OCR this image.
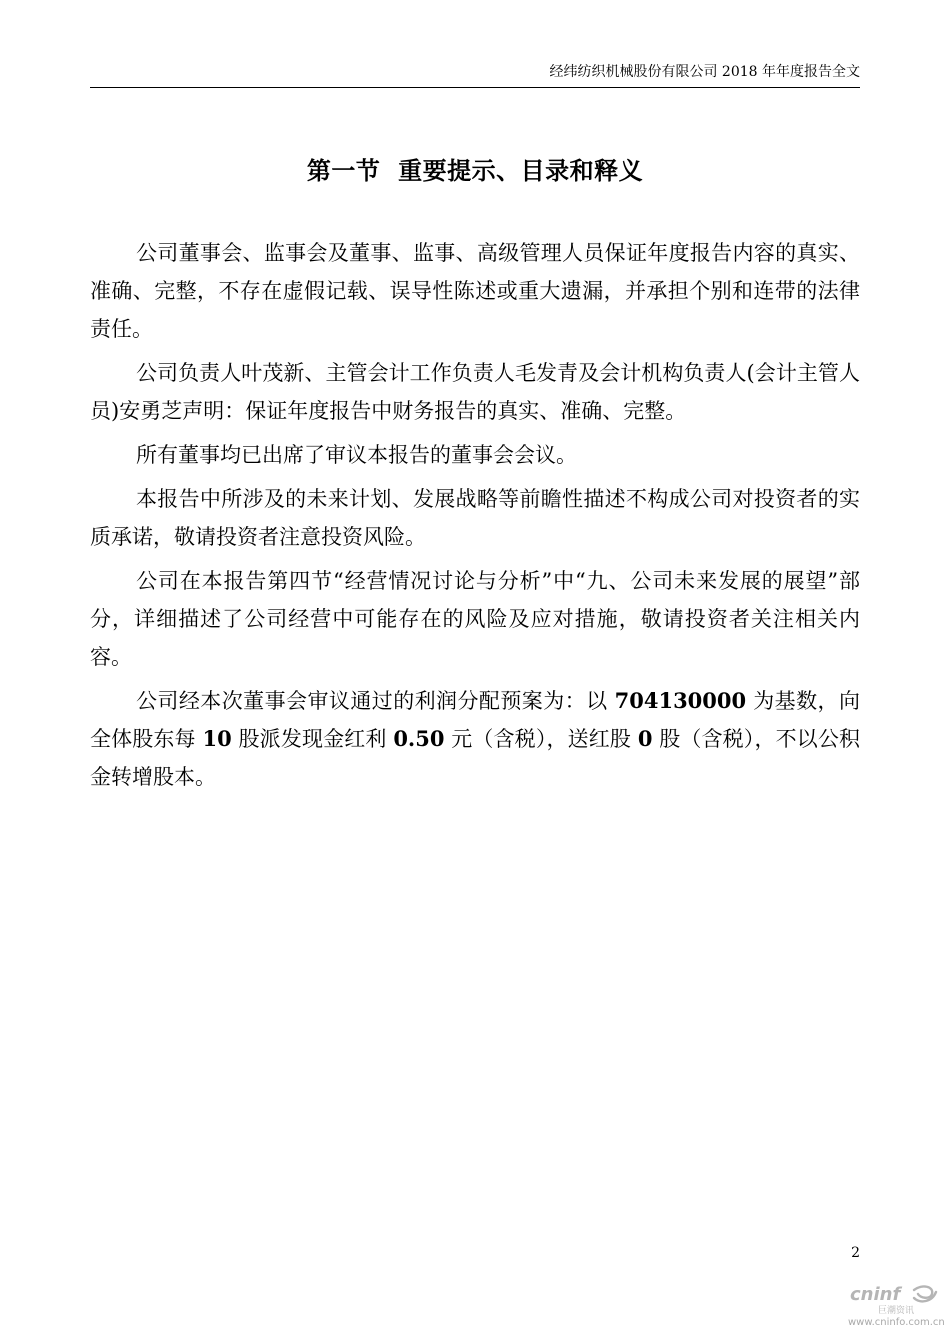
经纬纺织机械股份有限公司 2018 年年度报告全文
第一节  重要提示、目录和释义

公司董事会、监事会及董事、监事、高级管理人员保证年度报告内容的真实、准确、完整，不存在虚假记载、误导性陈述或重大遗漏，并承担个别和连带的法律责任。

公司负责人叶茂新、主管会计工作负责人毛发青及会计机构负责人(会计主管人员)安勇芝声明：保证年度报告中财务报告的真实、准确、完整。

所有董事均已出席了审议本报告的董事会会议。

本报告中所涉及的未来计划、发展战略等前瞻性描述不构成公司对投资者的实质承诺，敬请投资者注意投资风险。

公司在本报告第四节“经营情况讨论与分析”中“九、公司未来发展的展望”部分，详细描述了公司经营中可能存在的风险及应对措施，敬请投资者关注相关内容。

公司经本次董事会审议通过的利润分配预案为：以 704130000 为基数，向全体股东每 10 股派发现金红利 0.50 元（含税），送红股 0 股（含税），不以公积金转增股本。

2
cninf
巨潮资讯
www.cninfo.com.cn
